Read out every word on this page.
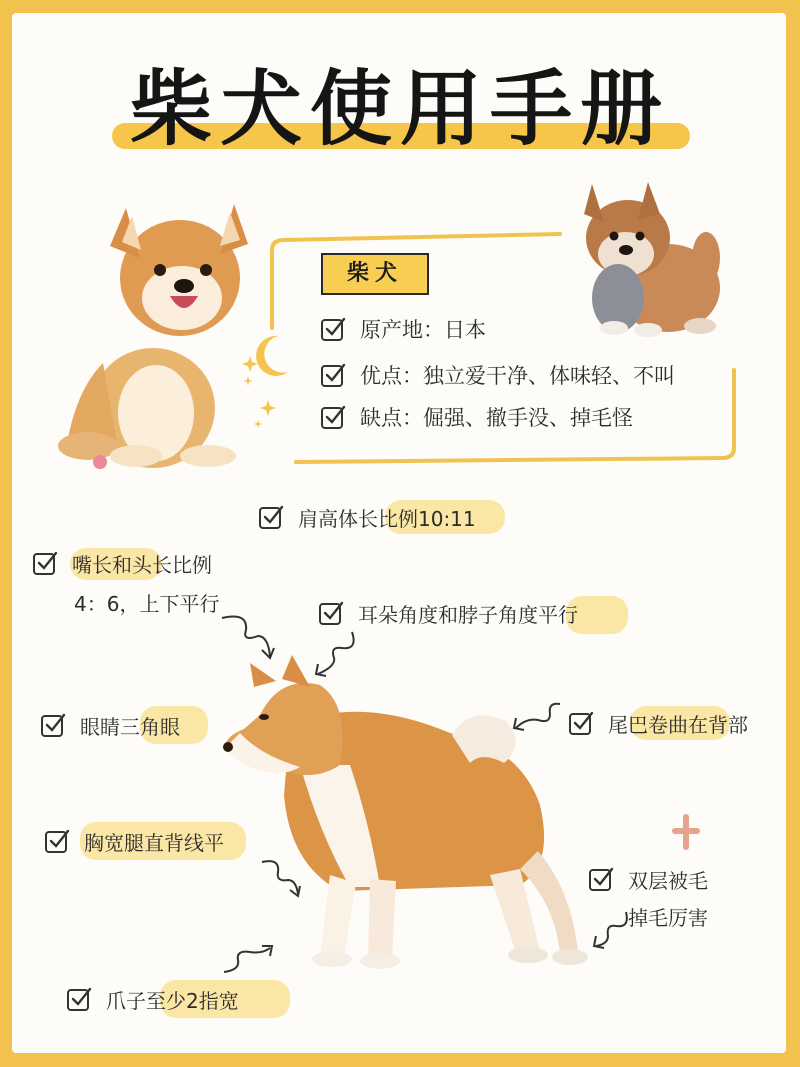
柴犬使用手册
柴犬
原产地：日本
优点：独立爱干净、体味轻、不叫
缺点：倔强、撤手没、掉毛怪
肩高体长比例10:11
嘴长和头长比例
4：6，上下平行	耳朵角度和脖子角度平行
眼睛三角眼	尾巴卷曲在背部
胸宽腿直背线平
双层被毛
掉毛厉害
爪子至少2指宽
